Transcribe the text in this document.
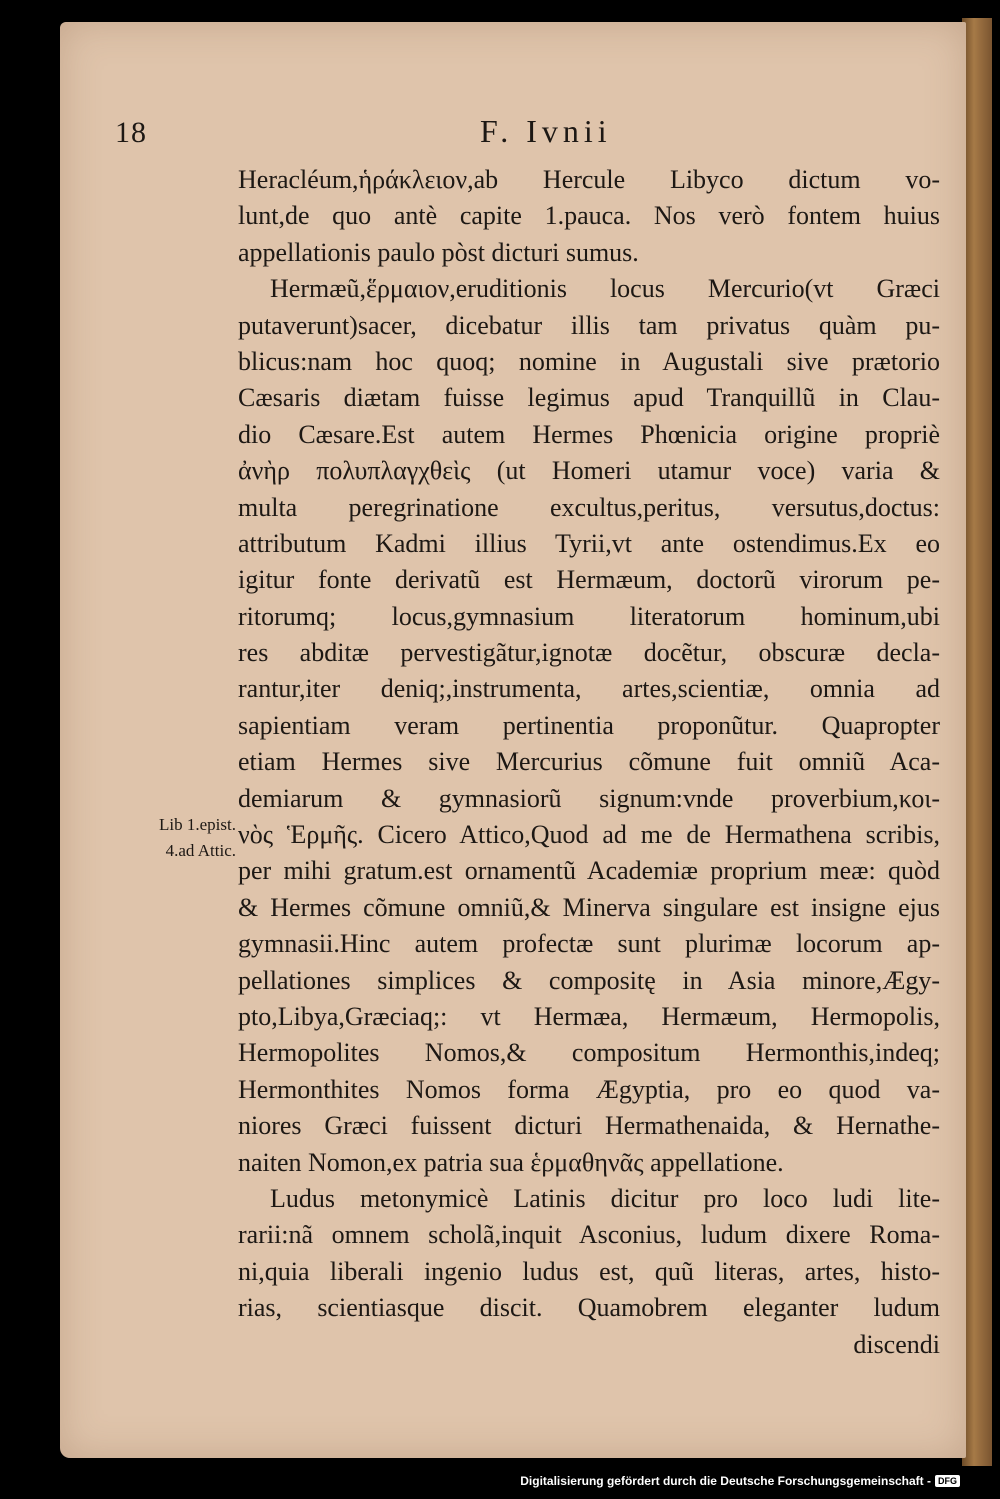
18	F. Ivnii
Lib 1.epist.
4.ad Attic.
Heracléum,ἡράκλειον,ab Hercule Libyco dictum vo-
lunt,de quo antè capite 1.pauca. Nos verò fontem huius
appellationis paulo pòst dicturi sumus.
Hermæũ,ἕρμαιον,eruditionis locus Mercurio(vt Græci
putaverunt)sacer, dicebatur illis tam privatus quàm pu-
blicus:nam hoc quoq; nomine in Augustali sive prætorio
Cæsaris diætam fuisse legimus apud Tranquillũ in Clau-
dio Cæsare.Est autem Hermes Phœnicia origine propriè
ἀνὴρ πολυπλαγχθεὶς (ut Homeri utamur voce) varia &
multa peregrinatione excultus,peritus, versutus,doctus:
attributum Kadmi illius Tyrii,vt ante ostendimus.Ex eo
igitur fonte derivatũ est Hermæum, doctorũ virorum pe-
ritorumq; locus,gymnasium literatorum hominum,ubi
res abditæ pervestigãtur,ignotæ docẽtur, obscuræ decla-
rantur,iter deniq;,instrumenta, artes,scientiæ, omnia ad
sapientiam veram pertinentia proponũtur. Quapropter
etiam Hermes sive Mercurius cõmune fuit omniũ Aca-
demiarum & gymnasiorũ signum:vnde proverbium,κοι-
νὸς Ἑρμῆς. Cicero Attico,Quod ad me de Hermathena scribis,
per mihi gratum.est ornamentũ Academiæ proprium meæ: quòd
& Hermes cõmune omniũ,& Minerva singulare est insigne ejus
gymnasii.Hinc autem profectæ sunt plurimæ locorum ap-
pellationes simplices & compositę in Asia minore,Ægy-
pto,Libya,Græciaq;: vt Hermæa, Hermæum, Hermopolis,
Hermopolites Nomos,& compositum Hermonthis,indeq;
Hermonthites Nomos forma Ægyptia, pro eo quod va-
niores Græci fuissent dicturi Hermathenaida, & Hernathe-
naiten Nomon,ex patria sua ἑρμαθηνᾶς appellatione.
Ludus metonymicè Latinis dicitur pro loco ludi lite-
rarii:nã omnem scholã,inquit Asconius, ludum dixere Roma-
ni,quia liberali ingenio ludus est, quũ literas, artes, histo-
rias, scientiasque discit. Quamobrem eleganter ludum
discendi
Digitalisierung gefördert durch die Deutsche Forschungsgemeinschaft - DFG
